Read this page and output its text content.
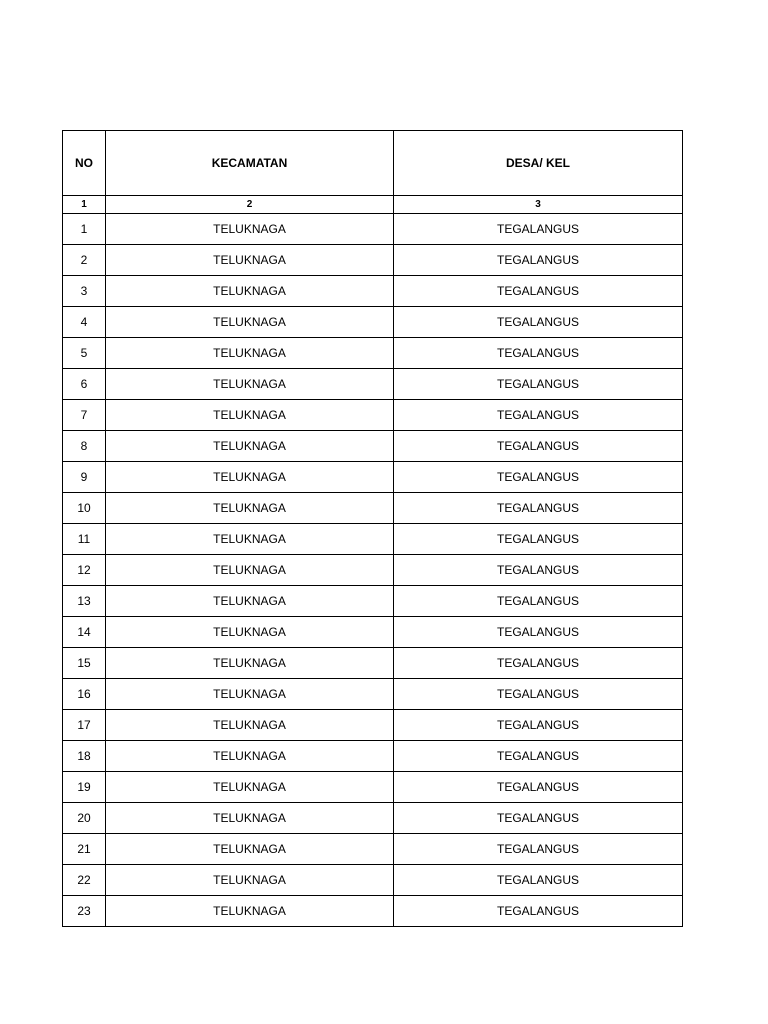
NO	KECAMATAN	DESA/ KEL
1	2	3
1	TELUKNAGA	TEGALANGUS
2	TELUKNAGA	TEGALANGUS
3	TELUKNAGA	TEGALANGUS
4	TELUKNAGA	TEGALANGUS
5	TELUKNAGA	TEGALANGUS
6	TELUKNAGA	TEGALANGUS
7	TELUKNAGA	TEGALANGUS
8	TELUKNAGA	TEGALANGUS
9	TELUKNAGA	TEGALANGUS
10	TELUKNAGA	TEGALANGUS
11	TELUKNAGA	TEGALANGUS
12	TELUKNAGA	TEGALANGUS
13	TELUKNAGA	TEGALANGUS
14	TELUKNAGA	TEGALANGUS
15	TELUKNAGA	TEGALANGUS
16	TELUKNAGA	TEGALANGUS
17	TELUKNAGA	TEGALANGUS
18	TELUKNAGA	TEGALANGUS
19	TELUKNAGA	TEGALANGUS
20	TELUKNAGA	TEGALANGUS
21	TELUKNAGA	TEGALANGUS
22	TELUKNAGA	TEGALANGUS
23	TELUKNAGA	TEGALANGUS
